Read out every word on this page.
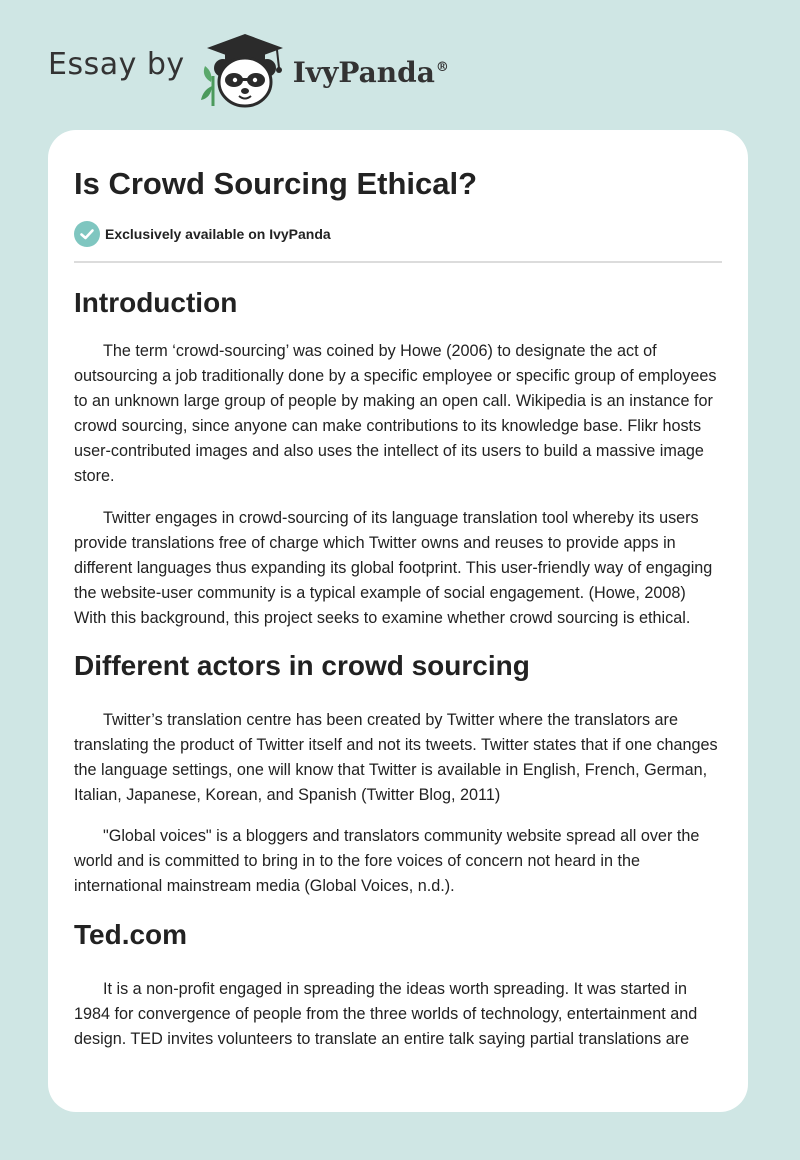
Essay by	IvyPanda®
Is Crowd Sourcing Ethical?
Exclusively available on IvyPanda
Introduction

The term ‘crowd-sourcing’ was coined by Howe (2006) to designate the act of outsourcing a job traditionally done by a specific employee or specific group of employees to an unknown large group of people by making an open call. Wikipedia is an instance for crowd sourcing, since anyone can make contributions to its knowledge base. Flikr hosts user-contributed images and also uses the intellect of its users to build a massive image store.

Twitter engages in crowd-sourcing of its language translation tool whereby its users provide translations free of charge which Twitter owns and reuses to provide apps in different languages thus expanding its global footprint. This user-friendly way of engaging the website-user community is a typical example of social engagement. (Howe, 2008) With this background, this project seeks to examine whether crowd sourcing is ethical.

Different actors in crowd sourcing

Twitter’s translation centre has been created by Twitter where the translators are translating the product of Twitter itself and not its tweets. Twitter states that if one changes the language settings, one will know that Twitter is available in English, French, German, Italian, Japanese, Korean, and Spanish (Twitter Blog, 2011)

"Global voices" is a bloggers and translators community website spread all over the world and is committed to bring in to the fore voices of concern not heard in the international mainstream media (Global Voices, n.d.).

Ted.com

It is a non-profit engaged in spreading the ideas worth spreading. It was started in 1984 for convergence of people from the three worlds of technology, entertainment and design. TED invites volunteers to translate an entire talk saying partial translations are
